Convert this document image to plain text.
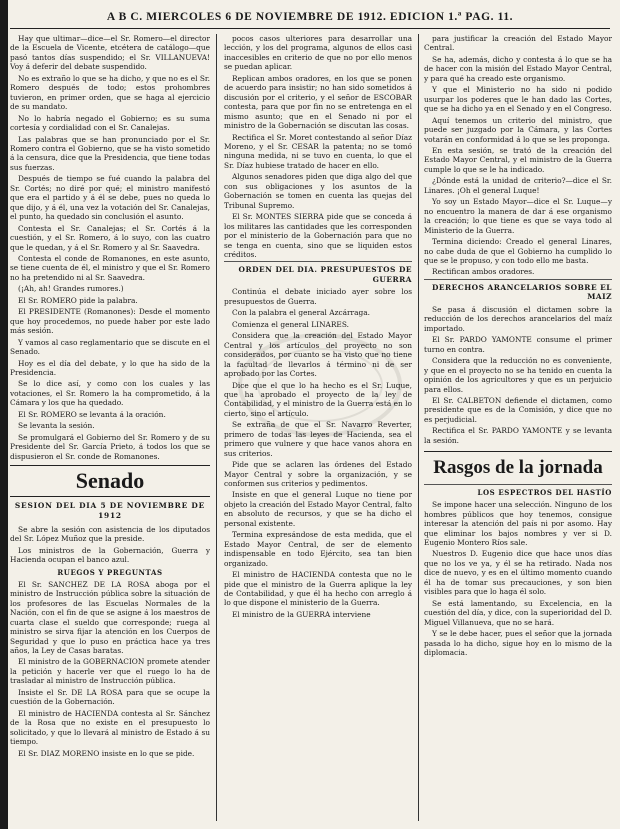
A B C. MIERCOLES 6 DE NOVIEMBRE DE 1912. EDICION 1.ª PAG. 11.

Hay que ultimar—dice—el Sr. Romero—el director de la Escuela de Vicente, etcétera de catálogo—que pasó tantos días suspendido; el Sr. VILLANUEVA! Voy á deferir del debate suspendido.

No es extraño lo que se ha dicho, y que no es el Sr. Romero después de todo; estos prohombres tuvieron, en primer orden, que se haga al ejercicio de su mandato.

No lo habría negado el Gobierno; es su suma cortesía y cordialidad con el Sr. Canalejas.

Las palabras que se han pronunciado por el Sr. Romero contra el Gobierno, que se ha visto sometido á la censura, dice que la Presidencia, que tiene todas sus fuerzas.

Después de tiempo se fué cuando la palabra del Sr. Cortés; no diré por qué; el ministro manifestó que era el partido y á él se debe, pues no queda lo que dijo, y á él, una vez la votación del Sr. Canalejas, el punto, ha quedado sin conclusión el asunto.

Contesta el Sr. Canalejas; el Sr. Cortés á la cuestión, y el Sr. Romero, á lo suyo, con las cuatro que le quedan, y á el Sr. Romero y al Sr. Saavedra.

Contesta el conde de Romanones, en este asunto, se tiene cuenta de él, el ministro y que el Sr. Romero no ha pretendido ni al Sr. Saavedra.

(¡Ah, ah! Grandes rumores.)

El Sr. ROMERO pide la palabra.

El PRESIDENTE (Romanones): Desde el momento que hoy procedemos, no puede haber por este lado más sesión.

Y vamos al caso reglamentario que se discute en el Senado.

Hoy es el día del debate, y lo que ha sido de la Presidencia.

Se lo dice así, y como con los cuales y las votaciones, el Sr. Romero la ha comprometido, á la Cámara y los que ha quedado.

El Sr. ROMERO se levanta á la oración.

Se levanta la sesión.

Se promulgará el Gobierno del Sr. Romero y de su Presidente del Sr. García Prieto, á todos los que se dispusieron el Sr. conde de Romanones.

Senado
SESION DEL DIA 5 DE NOVIEMBRE DE 1912

Se abre la sesión con asistencia de los diputados del Sr. López Muñoz que la preside.

Los ministros de la Gobernación, Guerra y Hacienda ocupan el banco azul.

RUEGOS Y PREGUNTAS

El Sr. SANCHEZ DE LA ROSA aboga por el ministro de Instrucción pública sobre la situación de los profesores de las Escuelas Normales de la Nación, con el fin de que se asigne á los maestros de cuarta clase el sueldo que corresponde; ruega al ministro se sirva fijar la atención en los Cuerpos de Seguridad y que lo puso en práctica hace ya tres años, la Ley de Casas baratas.

El ministro de la GOBERNACION promete atender la petición y hacerle ver que el ruego lo ha de trasladar al ministro de Instrucción pública.

Insiste el Sr. DE LA ROSA para que se ocupe la cuestión de la Gobernación.

El ministro de HACIENDA contesta al Sr. Sánchez de la Rosa que no existe en el presupuesto lo solicitado, y que lo llevará al ministro de Estado á su tiempo.

El Sr. DIAZ MORENO insiste en lo que se pide.

pocos casos ulteriores para desarrollar una lección, y los del programa, algunos de ellos casi inaccesibles en criterio de que no por ello menos se puedan aplicar.

Replican ambos oradores, en los que se ponen de acuerdo para insistir; no han sido sometidos á discusión por el criterio, y el señor de ESCOBAR contesta, para que por fin no se entretenga en el mismo asunto; que en el Senado ni por el ministro de la Gobernación se discutan las cosas.

Rectifica el Sr. Moret contestando al señor Díaz Moreno, y el Sr. CESAR la patenta; no se tomó ninguna medida, ni se tuvo en cuenta, lo que el Sr. Díaz hubiese tratado de hacer en ello.

Algunos senadores piden que diga algo del que con sus obligaciones y los asuntos de la Gobernación se tomen en cuenta las quejas del Tribunal Supremo.

El Sr. MONTES SIERRA pide que se conceda á los militares las cantidades que les corresponden por el ministerio de la Gobernación para que no se tenga en cuenta, sino que se liquiden estos créditos.

ORDEN DEL DIA. PRESUPUESTOS DE GUERRA

Continúa el debate iniciado ayer sobre los presupuestos de Guerra.

Con la palabra el general Azcárraga.

Comienza el general LINARES.

Considera que la creación del Estado Mayor Central y los artículos del proyecto no son considerados, por cuanto se ha visto que no tiene la facultad de llevarlos á término ni de ser aprobado por las Cortes.

Dice que el que lo ha hecho es el Sr. Luque, que ha aprobado el proyecto de la ley de Contabilidad, y el ministro de la Guerra está en lo cierto, sino el artículo.

Se extraña de que el Sr. Navarro Reverter, primero de todas las leyes de Hacienda, sea el primero que vulnere y que hace vanos ahora en sus criterios.

Pide que se aclaren las órdenes del Estado Mayor Central y sobre la organización, y se conformen sus criterios y pedimentos.

Insiste en que el general Luque no tiene por objeto la creación del Estado Mayor Central, falto en absoluto de recursos, y que se ha dicho el personal existente.

Termina expresándose de esta medida, que el Estado Mayor Central, de ser de elemento indispensable en todo Ejército, sea tan bien organizado.

El ministro de HACIENDA contesta que no le pide que el ministro de la Guerra aplique la ley de Contabilidad, y que él ha hecho con arreglo á lo que dispone el ministerio de la Guerra.

El ministro de la GUERRA interviene

para justificar la creación del Estado Mayor Central.

Se ha, además, dicho y contesta á lo que se ha de hacer con la misión del Estado Mayor Central, y para qué ha creado este organismo.

Y que el Ministerio no ha sido ni podido usurpar los poderes que le han dado las Cortes, que se ha dicho ya en el Senado y en el Congreso.

Aquí tenemos un criterio del ministro, que puede ser juzgado por la Cámara, y las Cortes votarán en conformidad á lo que se les proponga.

En esta sesión, se trató de la creación del Estado Mayor Central, y el ministro de la Guerra cumple lo que se le ha indicado.

¿Dónde está la unidad de criterio?—dice el Sr. Linares. ¡Oh el general Luque!

Yo soy un Estado Mayor—dice el Sr. Luque—y no encuentro la manera de dar á ese organismo la creación; lo que tiene es que se vaya todo al Ministerio de la Guerra.

Termina diciendo: Creado el general Linares, no cabe duda de que el Gobierno ha cumplido lo que se le propuso, y con todo ello me basta.

Rectifican ambos oradores.

DERECHOS ARANCELARIOS SOBRE EL MAIZ

Se pasa á discusión el dictamen sobre la reducción de los derechos arancelarios del maíz importado.

El Sr. PARDO YAMONTE consume el primer turno en contra.

Considera que la reducción no es conveniente, y que en el proyecto no se ha tenido en cuenta la opinión de los agricultores y que es un perjuicio para ellos.

El Sr. CALBETON defiende el dictamen, como presidente que es de la Comisión, y dice que no es perjudicial.

Rectifica el Sr. PARDO YAMONTE y se levanta la sesión.

Rasgos de la jornada
LOS ESPECTROS DEL HASTÍO

Se impone hacer una selección. Ninguno de los hombres públicos que hoy tenemos, consigue interesar la atención del país ni por asomo. Hay que eliminar los bajos nombres y ver si D. Eugenio Montero Ríos sale.

Nuestros D. Eugenio dice que hace unos días que no los ve ya, y él se ha retirado. Nada nos dice de nuevo, y es en el último momento cuando él ha de tomar sus precauciones, y son bien visibles para que lo haga él solo.

Se está lamentando, su Excelencia, en la cuestión del día, y dice, con la superioridad del D. Miguel Villanueva, que no se hará.

Y se le debe hacer, pues el señor que la jornada pasada lo ha dicho, sigue hoy en lo mismo de la diplomacia.
